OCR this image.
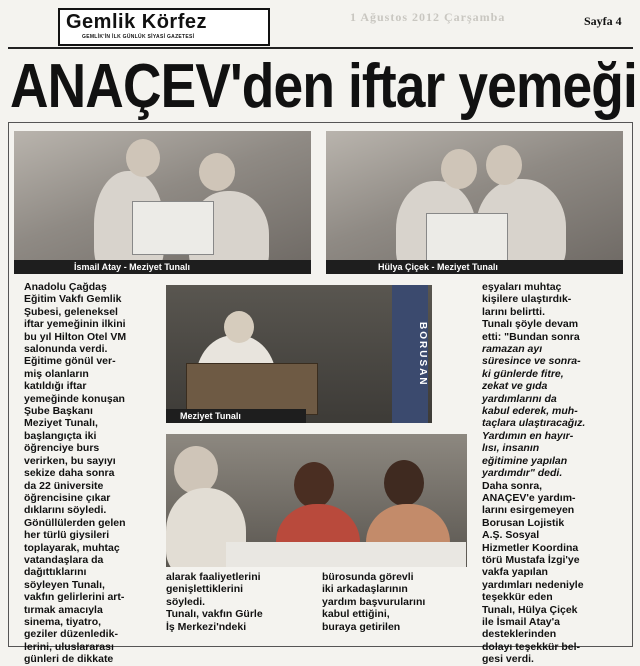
Gemlik Körfez
GEMLİK'İN İLK GÜNLÜK SİYASİ GAZETESİ
1 Ağustos 2012 Çarşamba	Sayfa 4
ANAÇEV'den iftar yemeği
İsmail Atay - Meziyet Tunalı	Hülya Çiçek - Meziyet Tunalı

Anadolu Çağdaş

Eğitim Vakfı Gemlik

Şubesi, geleneksel

iftar yemeğinin ilkini

bu yıl Hilton Otel VM

salonunda verdi.

Eğitime gönül ver-

miş olanların

katıldığı iftar

yemeğinde konuşan

Şube Başkanı

Meziyet Tunalı,

başlangıçta iki

öğrenciye burs

verirken, bu sayıyı

sekize daha sonra

da 22 üniversite

öğrencisine çıkar

dıklarını söyledi.

Gönüllülerden gelen

her türlü giysileri

toplayarak, muhtaç

vatandaşlara da

dağıttıklarını

söyleyen Tunalı,

vakfın gelirlerini art-

tırmak amacıyla

sinema, tiyatro,

geziler düzenledik-

lerini, uluslararası

günleri de dikkate

BORUSAN
Meziyet Tunalı

alarak faaliyetlerini

genişlettiklerini

söyledi.

Tunalı, vakfın Gürle

İş Merkezi'ndeki

bürosunda görevli

iki arkadaşlarının

yardım başvurularını

kabul ettiğini,

buraya getirilen

eşyaları muhtaç

kişilere ulaştırdık-

larını belirtti.

Tunalı şöyle devam

etti: "Bundan sonra

ramazan ayı

süresince ve sonra-

ki günlerde fitre,

zekat ve gıda

yardımlarını da

kabul ederek, muh-

taçlara ulaştıracağız.

Yardımın en hayır-

lısı, insanın

eğitimine yapılan

yardımdır" dedi.

Daha sonra,

ANAÇEV'e yardım-

larını esirgemeyen

Borusan Lojistik

A.Ş. Sosyal

Hizmetler Koordina

törü Mustafa İzgi'ye

vakfa yapılan

yardımları nedeniyle

teşekkür eden

Tunalı, Hülya Çiçek

ile İsmail Atay'a

desteklerinden

dolayı teşekkür bel-

gesi verdi.
